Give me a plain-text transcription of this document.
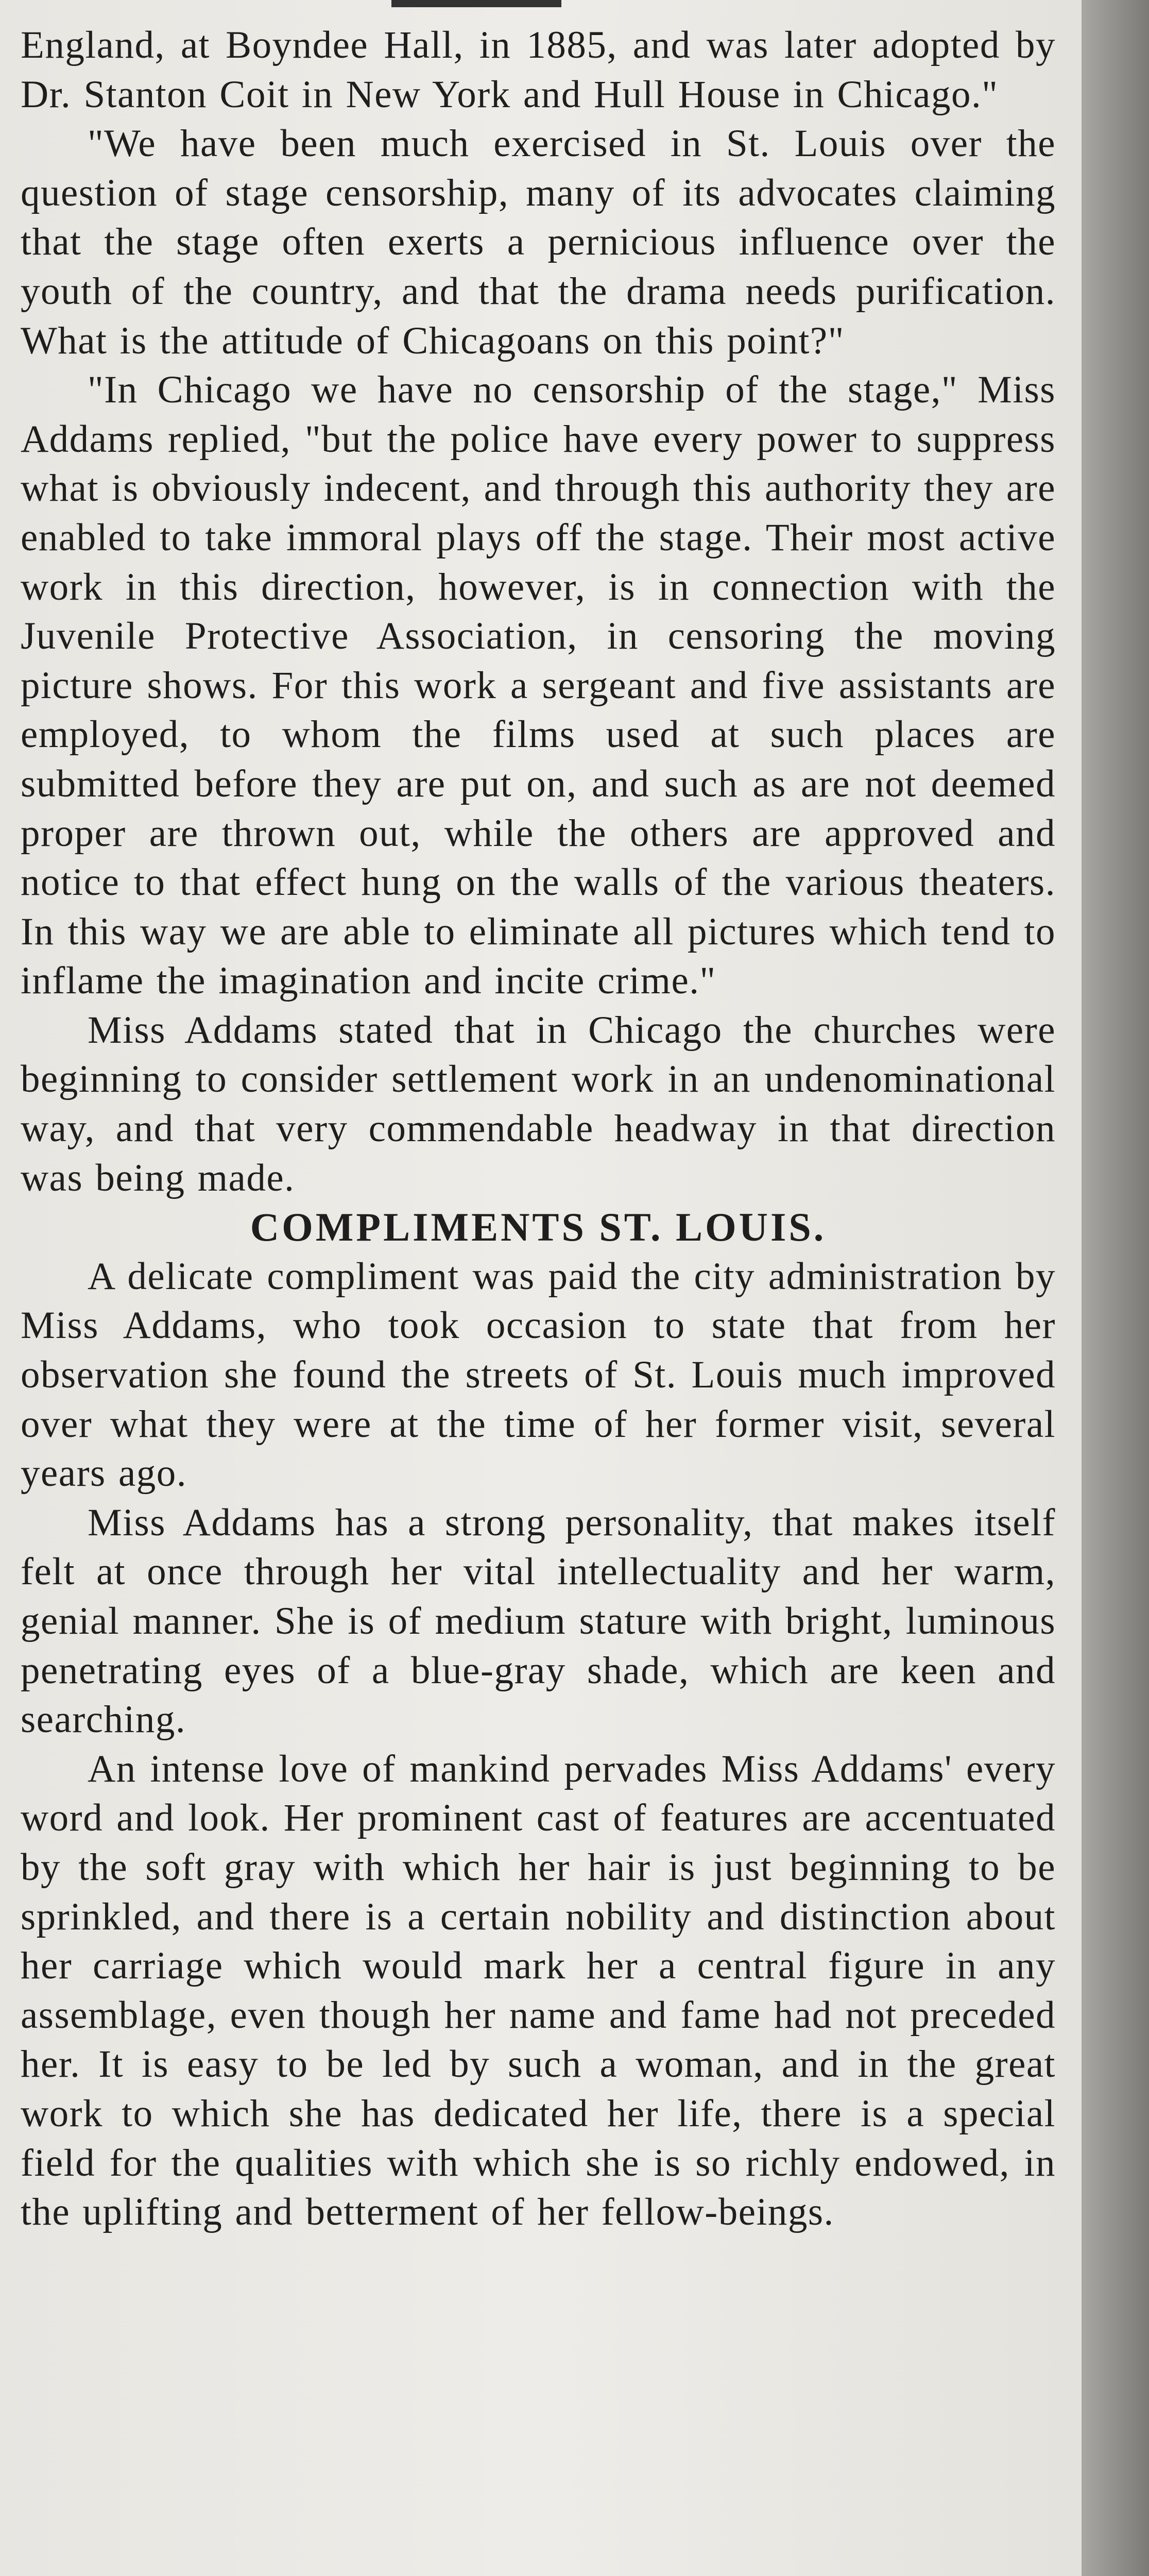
England, at Boyndee Hall, in 1885, and was later adopted by Dr. Stanton Coit in New York and Hull House in Chicago."

"We have been much exercised in St. Louis over the question of stage censorship, many of its advocates claiming that the stage often exerts a pernicious influence over the youth of the country, and that the drama needs purification. What is the attitude of Chicagoans on this point?"

"In Chicago we have no censorship of the stage," Miss Addams replied, "but the police have every power to suppress what is obviously indecent, and through this authority they are enabled to take immoral plays off the stage. Their most active work in this direction, however, is in connection with the Juvenile Protective Association, in censoring the moving picture shows. For this work a sergeant and five assistants are employed, to whom the films used at such places are submitted before they are put on, and such as are not deemed proper are thrown out, while the others are approved and notice to that effect hung on the walls of the various theaters. In this way we are able to eliminate all pictures which tend to inflame the imagination and incite crime."

Miss Addams stated that in Chicago the churches were beginning to consider settlement work in an undenominational way, and that very commendable headway in that direction was being made.

COMPLIMENTS ST. LOUIS.

A delicate compliment was paid the city administration by Miss Addams, who took occasion to state that from her observation she found the streets of St. Louis much improved over what they were at the time of her former visit, several years ago.

Miss Addams has a strong personality, that makes itself felt at once through her vital intellectuality and her warm, genial manner. She is of medium stature with bright, luminous penetrating eyes of a blue-gray shade, which are keen and searching.

An intense love of mankind pervades Miss Addams' every word and look. Her prominent cast of features are accentuated by the soft gray with which her hair is just beginning to be sprinkled, and there is a certain nobility and distinction about her carriage which would mark her a central figure in any assemblage, even though her name and fame had not preceded her. It is easy to be led by such a woman, and in the great work to which she has dedicated her life, there is a special field for the qualities with which she is so richly endowed, in the uplifting and betterment of her fellow-beings.
